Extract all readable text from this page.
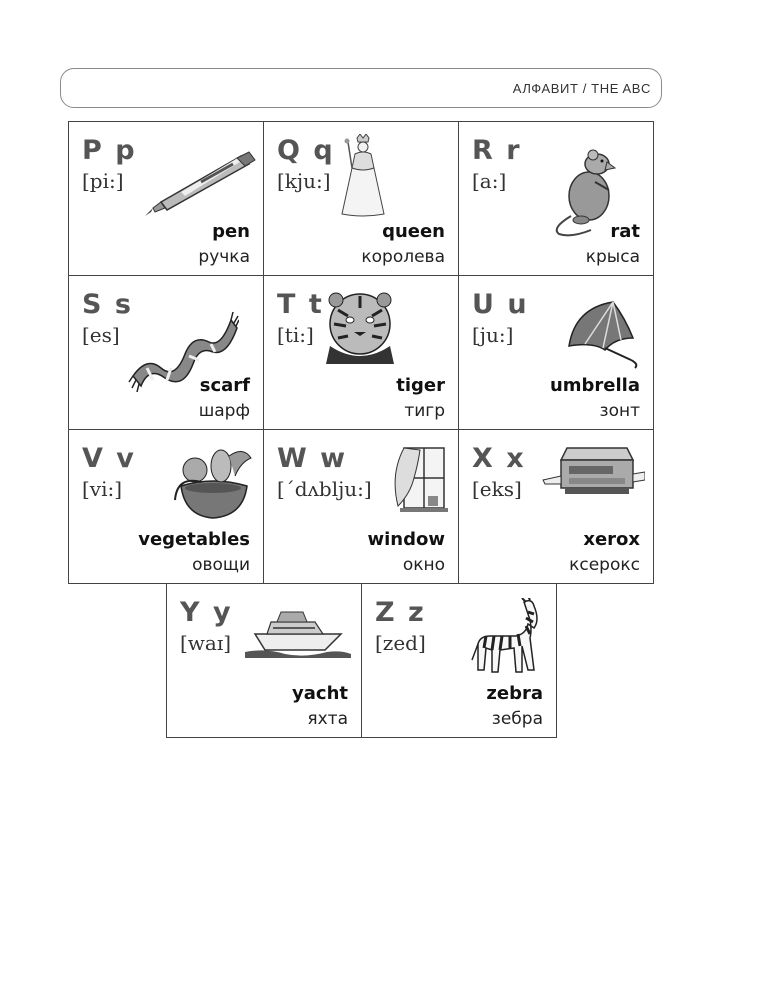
АЛФАВИТ / THE ABC
P p
[pi:]
pen
ручка
Q q
[kju:]
queen
королева
R r
[a:]
rat
крыса
S s
[es]
scarf
шарф
T t
[ti:]
tiger
тигр
U u
[ju:]
umbrella
зонт
V v
[vi:]
vegetables
овощи
W w
[ˊdʌblju:]
window
окно
X x
[eks]
xerox
ксерокс
Y y
[waɪ]
yacht
яхта
Z z
[zed]
zebra
зебра
